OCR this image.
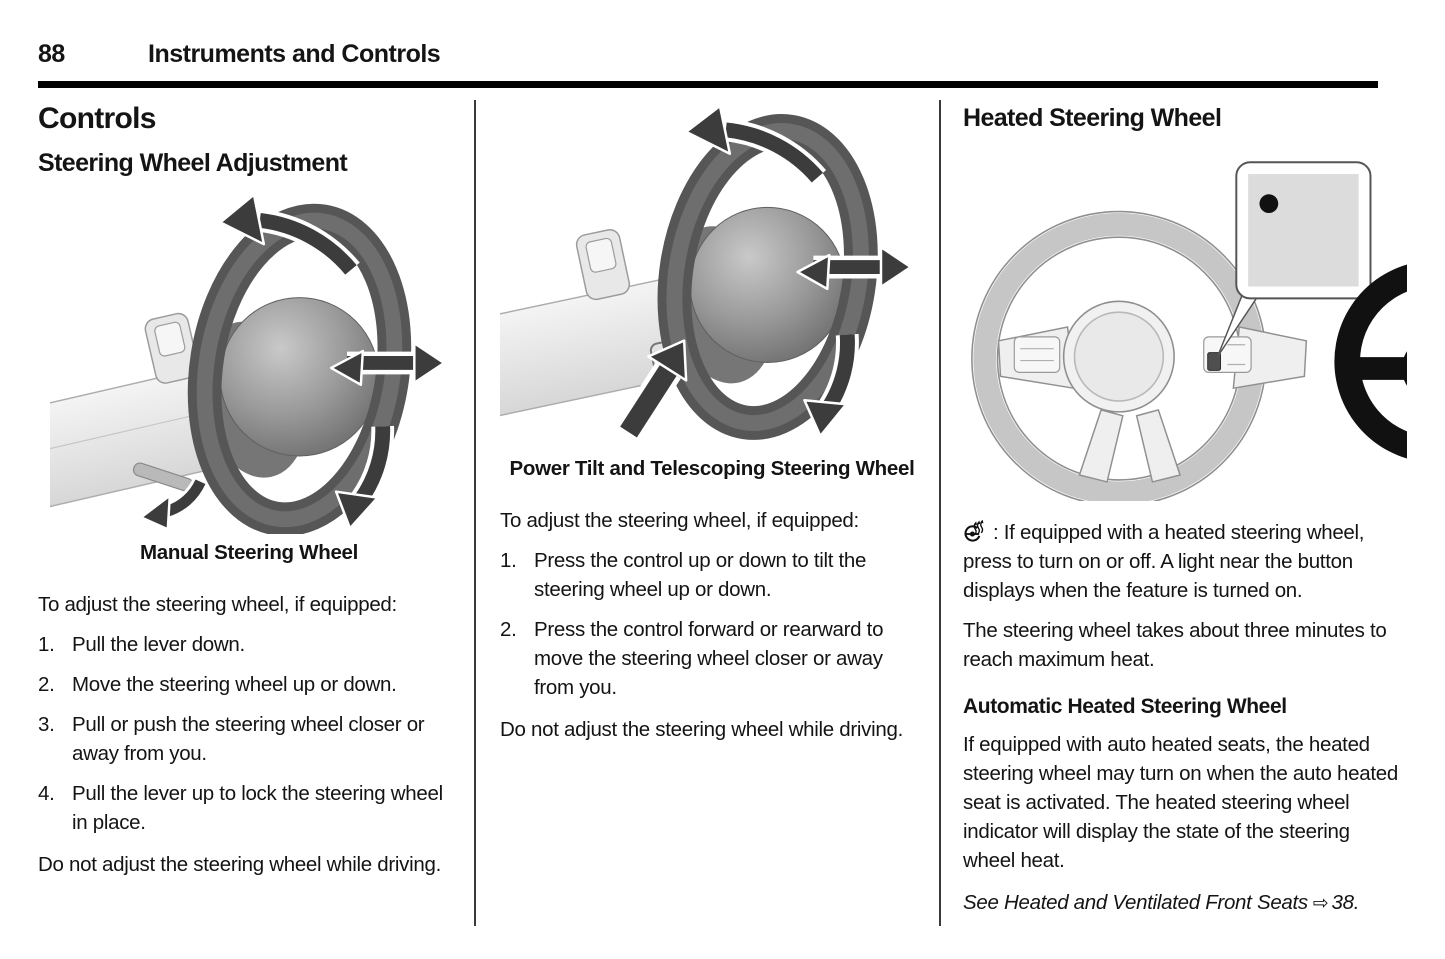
88	Instruments and Controls
Controls
Steering Wheel Adjustment
Manual Steering Wheel

To adjust the steering wheel, if equipped:

1. Pull the lever down.
2. Move the steering wheel up or down.
3. Pull or push the steering wheel closer or away from you.
4. Pull the lever up to lock the steering wheel in place.

Do not adjust the steering wheel while driving.

Power Tilt and Telescoping Steering Wheel

To adjust the steering wheel, if equipped:

1. Press the control up or down to tilt the steering wheel up or down.
2. Press the control forward or rearward to move the steering wheel closer or away from you.

Do not adjust the steering wheel while driving.

Heated Steering Wheel

: If equipped with a heated steering wheel, press to turn on or off. A light near the button displays when the feature is turned on.

The steering wheel takes about three minutes to reach maximum heat.

Automatic Heated Steering Wheel

If equipped with auto heated seats, the heated steering wheel may turn on when the auto heated seat is activated. The heated steering wheel indicator will display the state of the steering wheel heat.

See Heated and Ventilated Front Seats ⇨ 38.
